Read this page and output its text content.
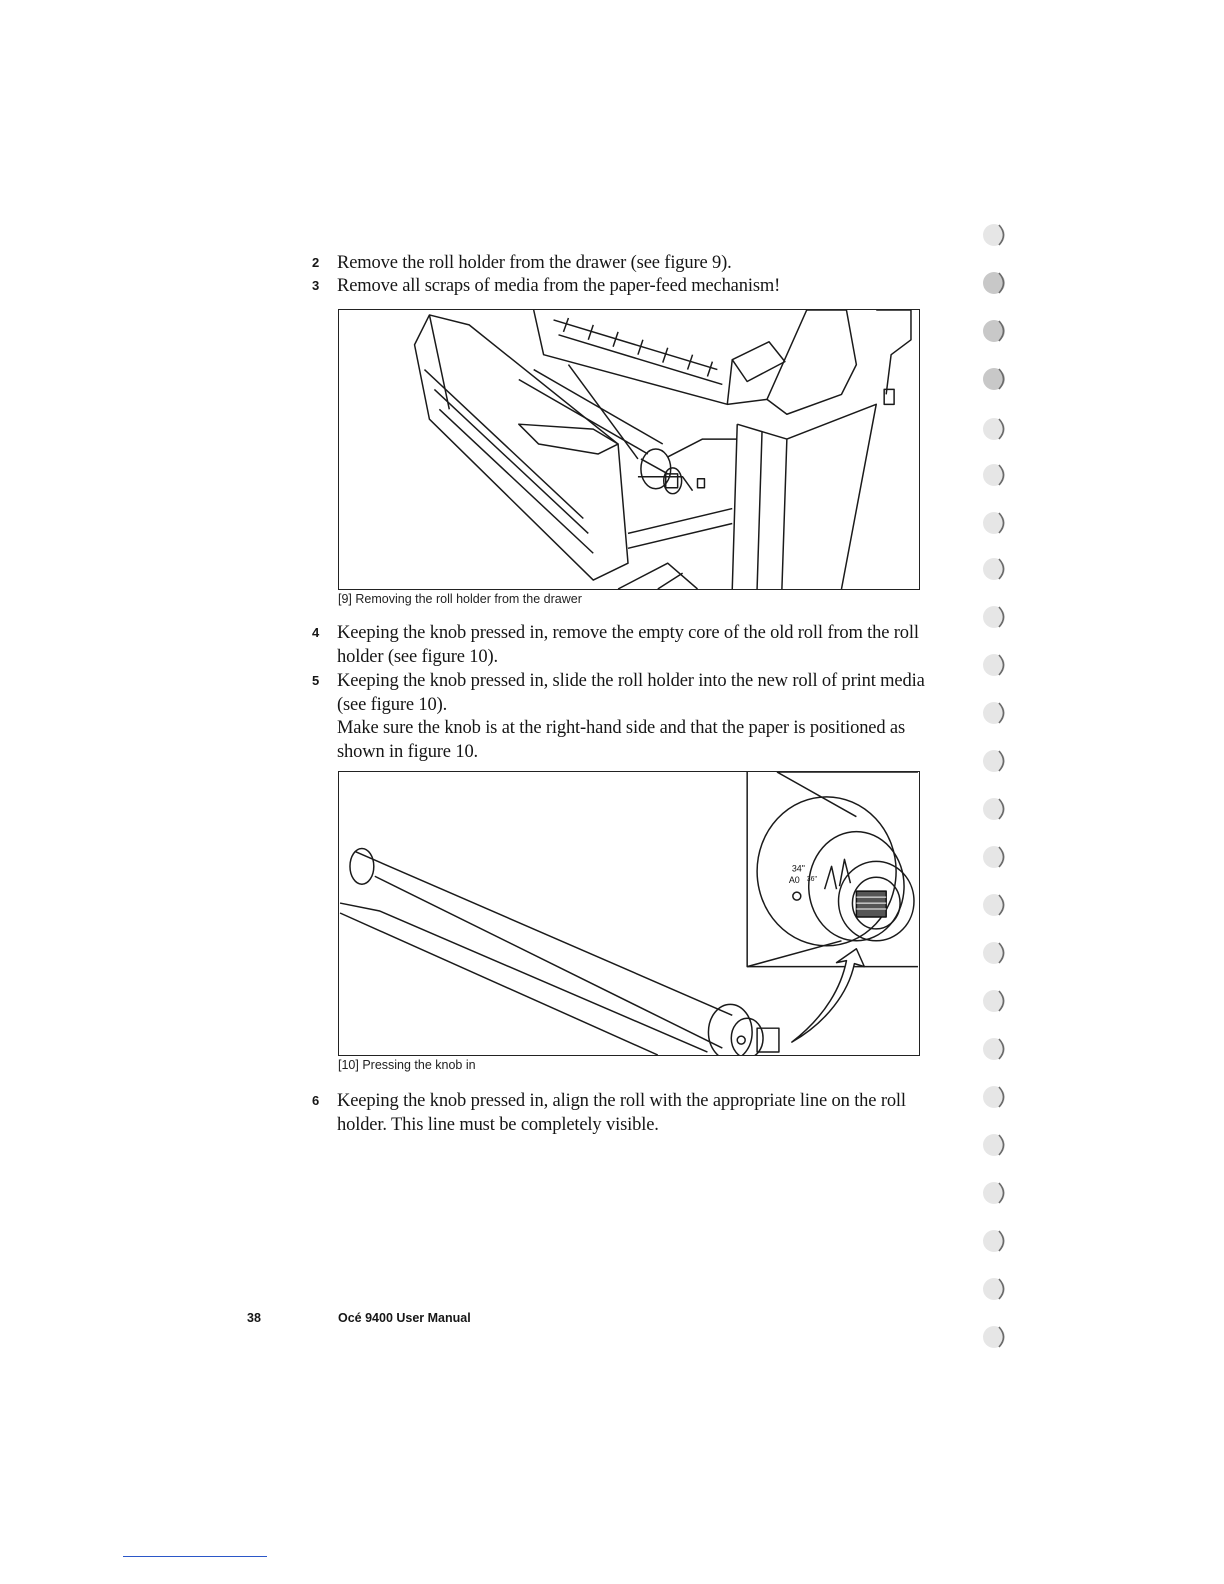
2 Remove the roll holder from the drawer (see figure 9).
3 Remove all scraps of media from the paper-feed mechanism!
[9] Removing the roll holder from the drawer
4 Keeping the knob pressed in, remove the empty core of the old roll from the roll holder (see figure 10).
5 Keeping the knob pressed in, slide the roll holder into the new roll of print media (see figure 10).
Make sure the knob is at the right-hand side and that the paper is positioned as shown in figure 10.
34"
A0 36"
[10] Pressing the knob in
6 Keeping the knob pressed in, align the roll with the appropriate line on the roll holder. This line must be completely visible.
38	Océ 9400 User Manual
